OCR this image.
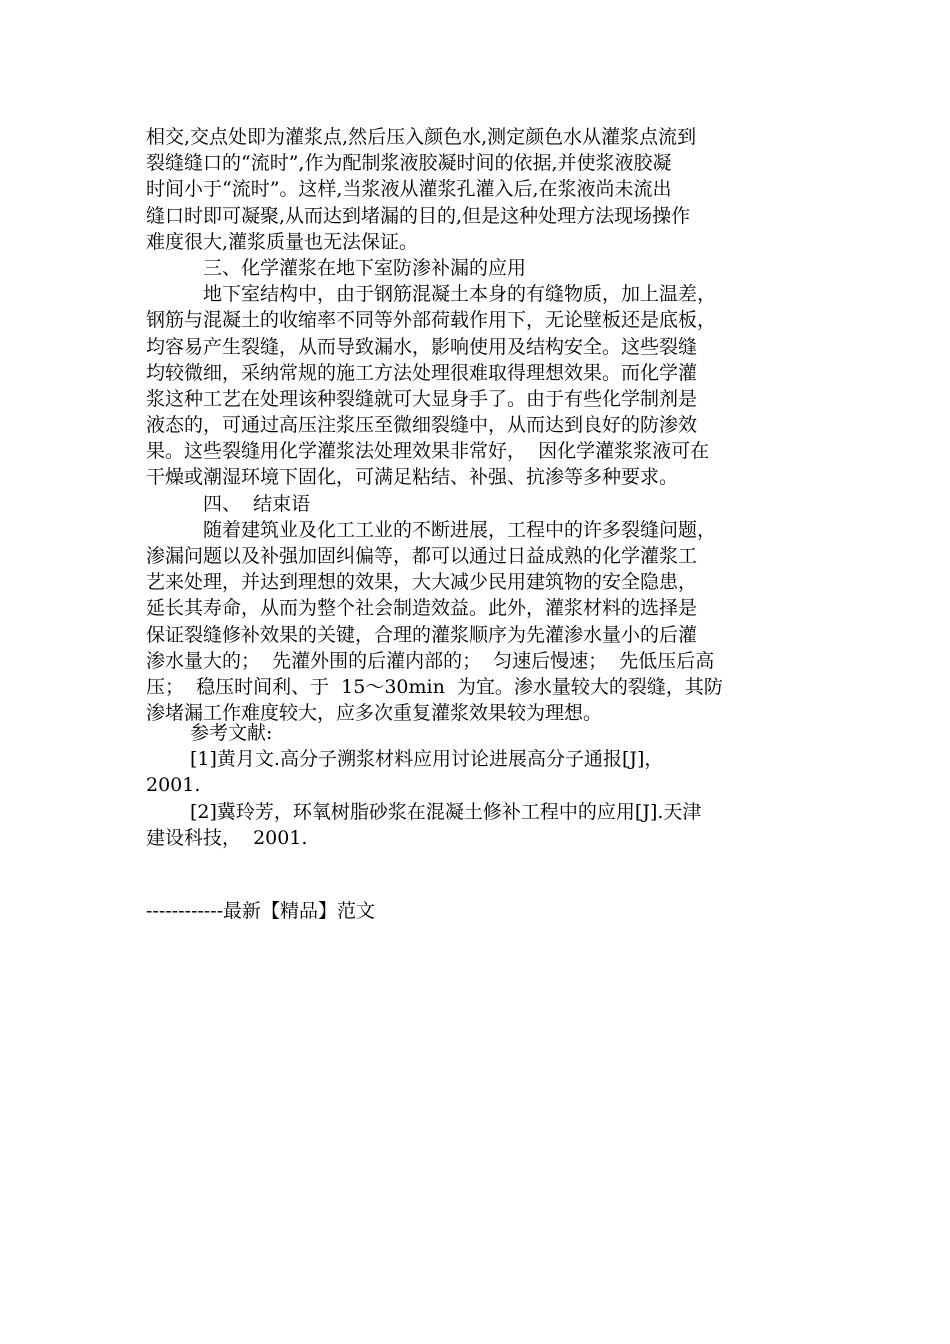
相交,交点处即为灌浆点,然后压入颜色水,测定颜色水从灌浆点流到
裂缝缝口的“流时”,作为配制浆液胶凝时间的依据,并使浆液胶凝
时间小于“流时”。这样,当浆液从灌浆孔灌入后,在浆液尚未流出
缝口时即可凝聚,从而达到堵漏的目的,但是这种处理方法现场操作
难度很大,灌浆质量也无法保证。
三、化学灌浆在地下室防渗补漏的应用
地下室结构中，由于钢筋混凝土本身的有缝物质，加上温差，
钢筋与混凝土的收缩率不同等外部荷载作用下，无论壁板还是底板，
均容易产生裂缝，从而导致漏水，影响使用及结构安全。这些裂缝
均较微细，采纳常规的施工方法处理很难取得理想效果。而化学灌
浆这种工艺在处理该种裂缝就可大显身手了。由于有些化学制剂是
液态的，可通过高压注浆压至微细裂缝中，从而达到良好的防渗效
果。这些裂缝用化学灌浆法处理效果非常好，  因化学灌浆浆液可在
干燥或潮湿环境下固化，可满足粘结、补强、抗渗等多种要求。
四、  结束语
随着建筑业及化工工业的不断进展，工程中的许多裂缝问题，
渗漏问题以及补强加固纠偏等，都可以通过日益成熟的化学灌浆工
艺来处理，并达到理想的效果，大大减少民用建筑物的安全隐患，
延长其寿命，从而为整个社会制造效益。此外，灌浆材料的选择是
保证裂缝修补效果的关键，合理的灌浆顺序为先灌渗水量小的后灌
渗水量大的；  先灌外围的后灌内部的；  匀速后慢速；  先低压后高
压；  稳压时间利、于  15～30min  为宜。渗水量较大的裂缝，其防
渗堵漏工作难度较大，应多次重复灌浆效果较为理想。
参考文献:
[1]黄月文.高分子溯浆材料应用讨论进展高分子通报[J]，
2001.
[2]冀玲芳，环氧树脂砂浆在混凝土修补工程中的应用[J].天津
建设科技，  2001.
------------最新【精品】范文
